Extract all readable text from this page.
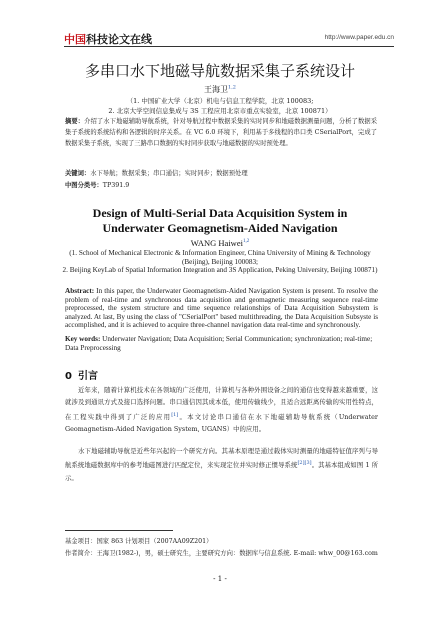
中国科技论文在线	http://www.paper.edu.cn
多串口水下地磁导航数据采集子系统设计
王海卫$^{1,2}$
（1. 中国矿业大学（北京）机电与信息工程学院，北京 100083;
2. 北京大学空间信息集成与 3S 工程应用北京市重点实验室，北京 100871）
摘要：介绍了水下地磁辅助导航系统，针对导航过程中数据采集的实时同步和地磁数据测量问题，分析了数据采集子系统的系统结构和各逻辑的时序关系。在 VC 6.0 环境下，利用基于多线程的串口类 CSerialPort，完成了数据采集子系统，实现了三路串口数据的实时同步获取与地磁数据的实时预处理。
关键词：水下导航；数据采集；串口通信；实时同步；数据预处理
中图分类号：TP391.9
Design of Multi-Serial Data Acquisition System in
Underwater Geomagnetism-Aided Navigation
WANG Haiwei$^{1,2}$
(1. School of Mechanical Electronic & Information Engineer, China University of Mining & Technology (Beijing), Beijing 100083;
2. Beijing KeyLab of Spatial Information Integration and 3S Application, Peking University, Beijing 100871)
Abstract: In this paper, the Underwater Geomagnetism-Aided Navigation System is present. To resolve the problem of real-time and synchronous data acquisition and geomagnetic measuring sequence real-time preprocessed, the system structure and time sequence relationships of Data Acquisition Subsystem is analyzed. At last, By using the class of "CSerialPort" based multithreading, the Data Acquisition Subsyste is accomplished, and it is achieved to acquire three-channel navigation data real-time and synchronously.
Key words: Underwater Navigation; Data Acquisition; Serial Communication; synchronization; real-time; Data Preprocessing
0 引言
近年来，随着计算机技术在各领域的广泛使用，计算机与各种外围设备之间的通信也变得越来越重要，这就涉及到通讯方式及接口选择问题。串口通信因其成本低，使用传输线少，且适合远距离传输的实用性特点，在工程实践中得到了广泛的应用[1]。本文讨论串口通信在水下地磁辅助导航系统（Underwater Geomagnetism-Aided Navigation System, UGANS）中的应用。
水下地磁辅助导航是近些年兴起的一个研究方向。其基本原理是通过载体实时测量的地磁特征值序列与导航系统地磁数据库中的参考地磁图进行匹配定位，来实现定位并实时修正惯导系统[2][3]。其基本组成如图 1 所示。
基金项目：国家 863 计划项目（2007AA09Z201）
作者简介：王海卫(1982-)，男，硕士研究生，主要研究方向：数据库与信息系统. E-mail: whw_00@163.com
- 1 -
